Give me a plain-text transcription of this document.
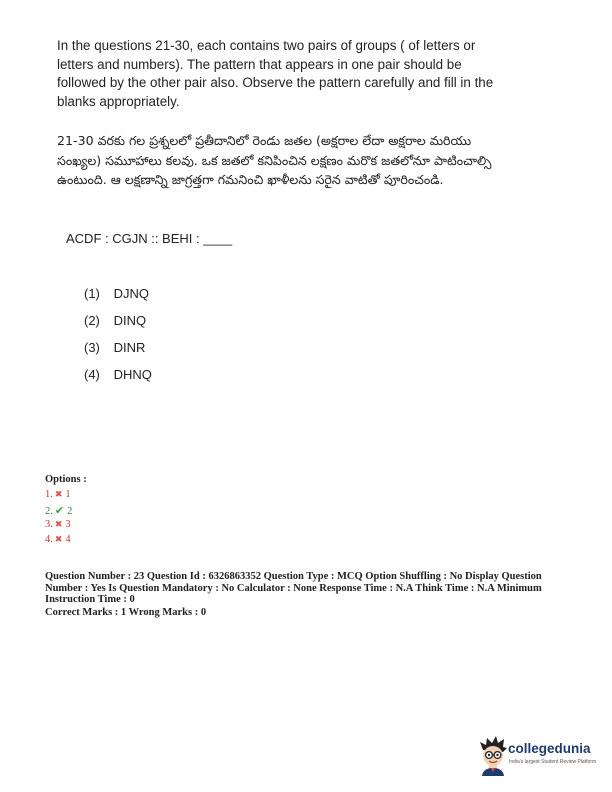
In the questions 21-30, each contains two pairs of groups ( of letters or letters and numbers). The pattern that appears in one pair should be followed by the other pair also. Observe the pattern carefully and fill in the blanks appropriately.

21-30 వరకు గల ప్రశ్నలలో ప్రతీదానిలో రెండు జతల (అక్షరాల లేదా అక్షరాల మరియు సంఖ్యల) సమూహాలు కలవు. ఒక జతలో కనిపించిన లక్షణం మరొక జతలోనూ పాటించాల్సి ఉంటుంది. ఆ లక్షణాన్ని జాగ్రత్తగా గమనించి ఖాళీలను సరైన వాటితో పూరించండి.

ACDF : CGJN :: BEHI : ____

(1) DJNQ
(2) DINQ
(3) DINR
(4) DHNQ
Options :
1. ✖ 1
2. ✔ 2
3. ✖ 3
4. ✖ 4

Question Number : 23 Question Id : 6326863352 Question Type : MCQ Option Shuffling : No Display Question Number : Yes Is Question Mandatory : No Calculator : None Response Time : N.A Think Time : N.A Minimum Instruction Time : 0

Correct Marks : 1 Wrong Marks : 0

collegedunia
India's largest Student Review Platform
